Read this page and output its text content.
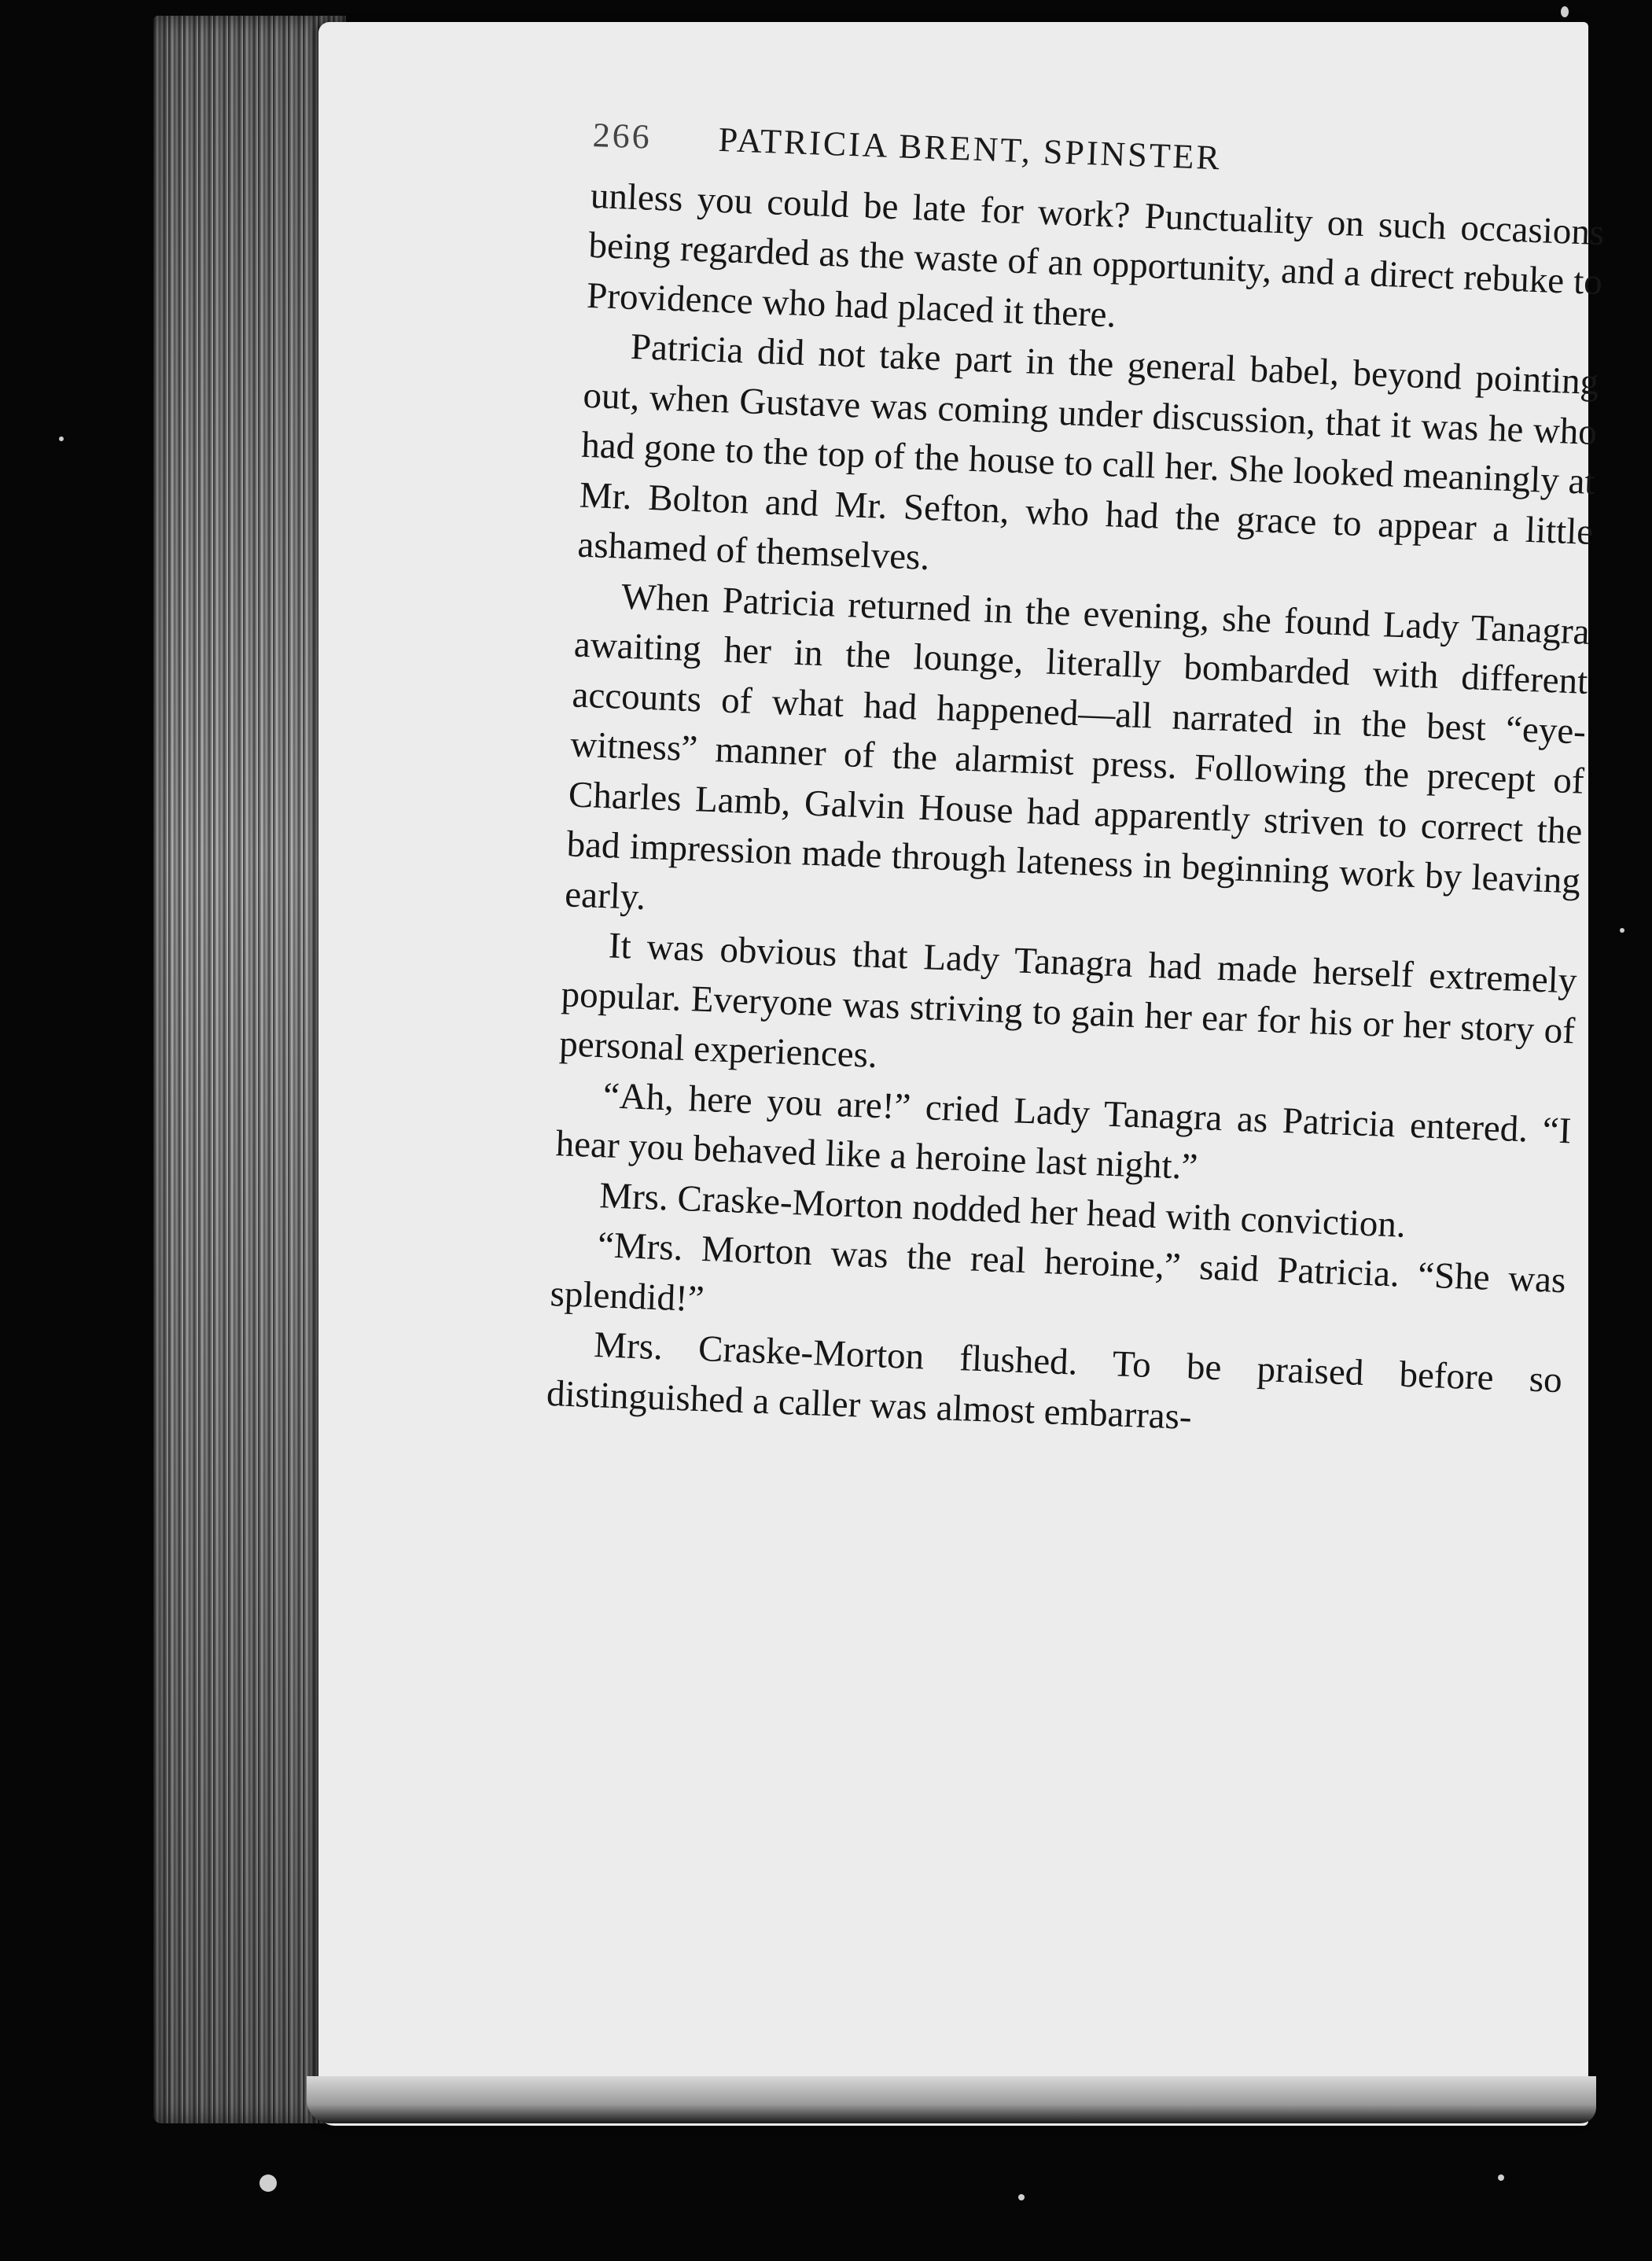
266	PATRICIA BRENT, SPINSTER

unless you could be late for work? Punctuality on such occasions being regarded as the waste of an opportunity, and a direct rebuke to Providence who had placed it there.

Patricia did not take part in the general babel, beyond pointing out, when Gustave was coming under discussion, that it was he who had gone to the top of the house to call her. She looked meaningly at Mr. Bolton and Mr. Sefton, who had the grace to appear a little ashamed of themselves.

When Patricia returned in the evening, she found Lady Tanagra awaiting her in the lounge, literally bombarded with different accounts of what had happened—all narrated in the best “eye-witness” manner of the alarmist press. Following the precept of Charles Lamb, Galvin House had apparently striven to correct the bad impression made through lateness in beginning work by leaving early.

It was obvious that Lady Tanagra had made herself extremely popular. Everyone was striving to gain her ear for his or her story of personal experiences.

“Ah, here you are!” cried Lady Tanagra as Patricia entered. “I hear you behaved like a heroine last night.”

Mrs. Craske-Morton nodded her head with conviction.

“Mrs. Morton was the real heroine,” said Patricia. “She was splendid!”

Mrs. Craske-Morton flushed. To be praised before so distinguished a caller was almost embarras-
